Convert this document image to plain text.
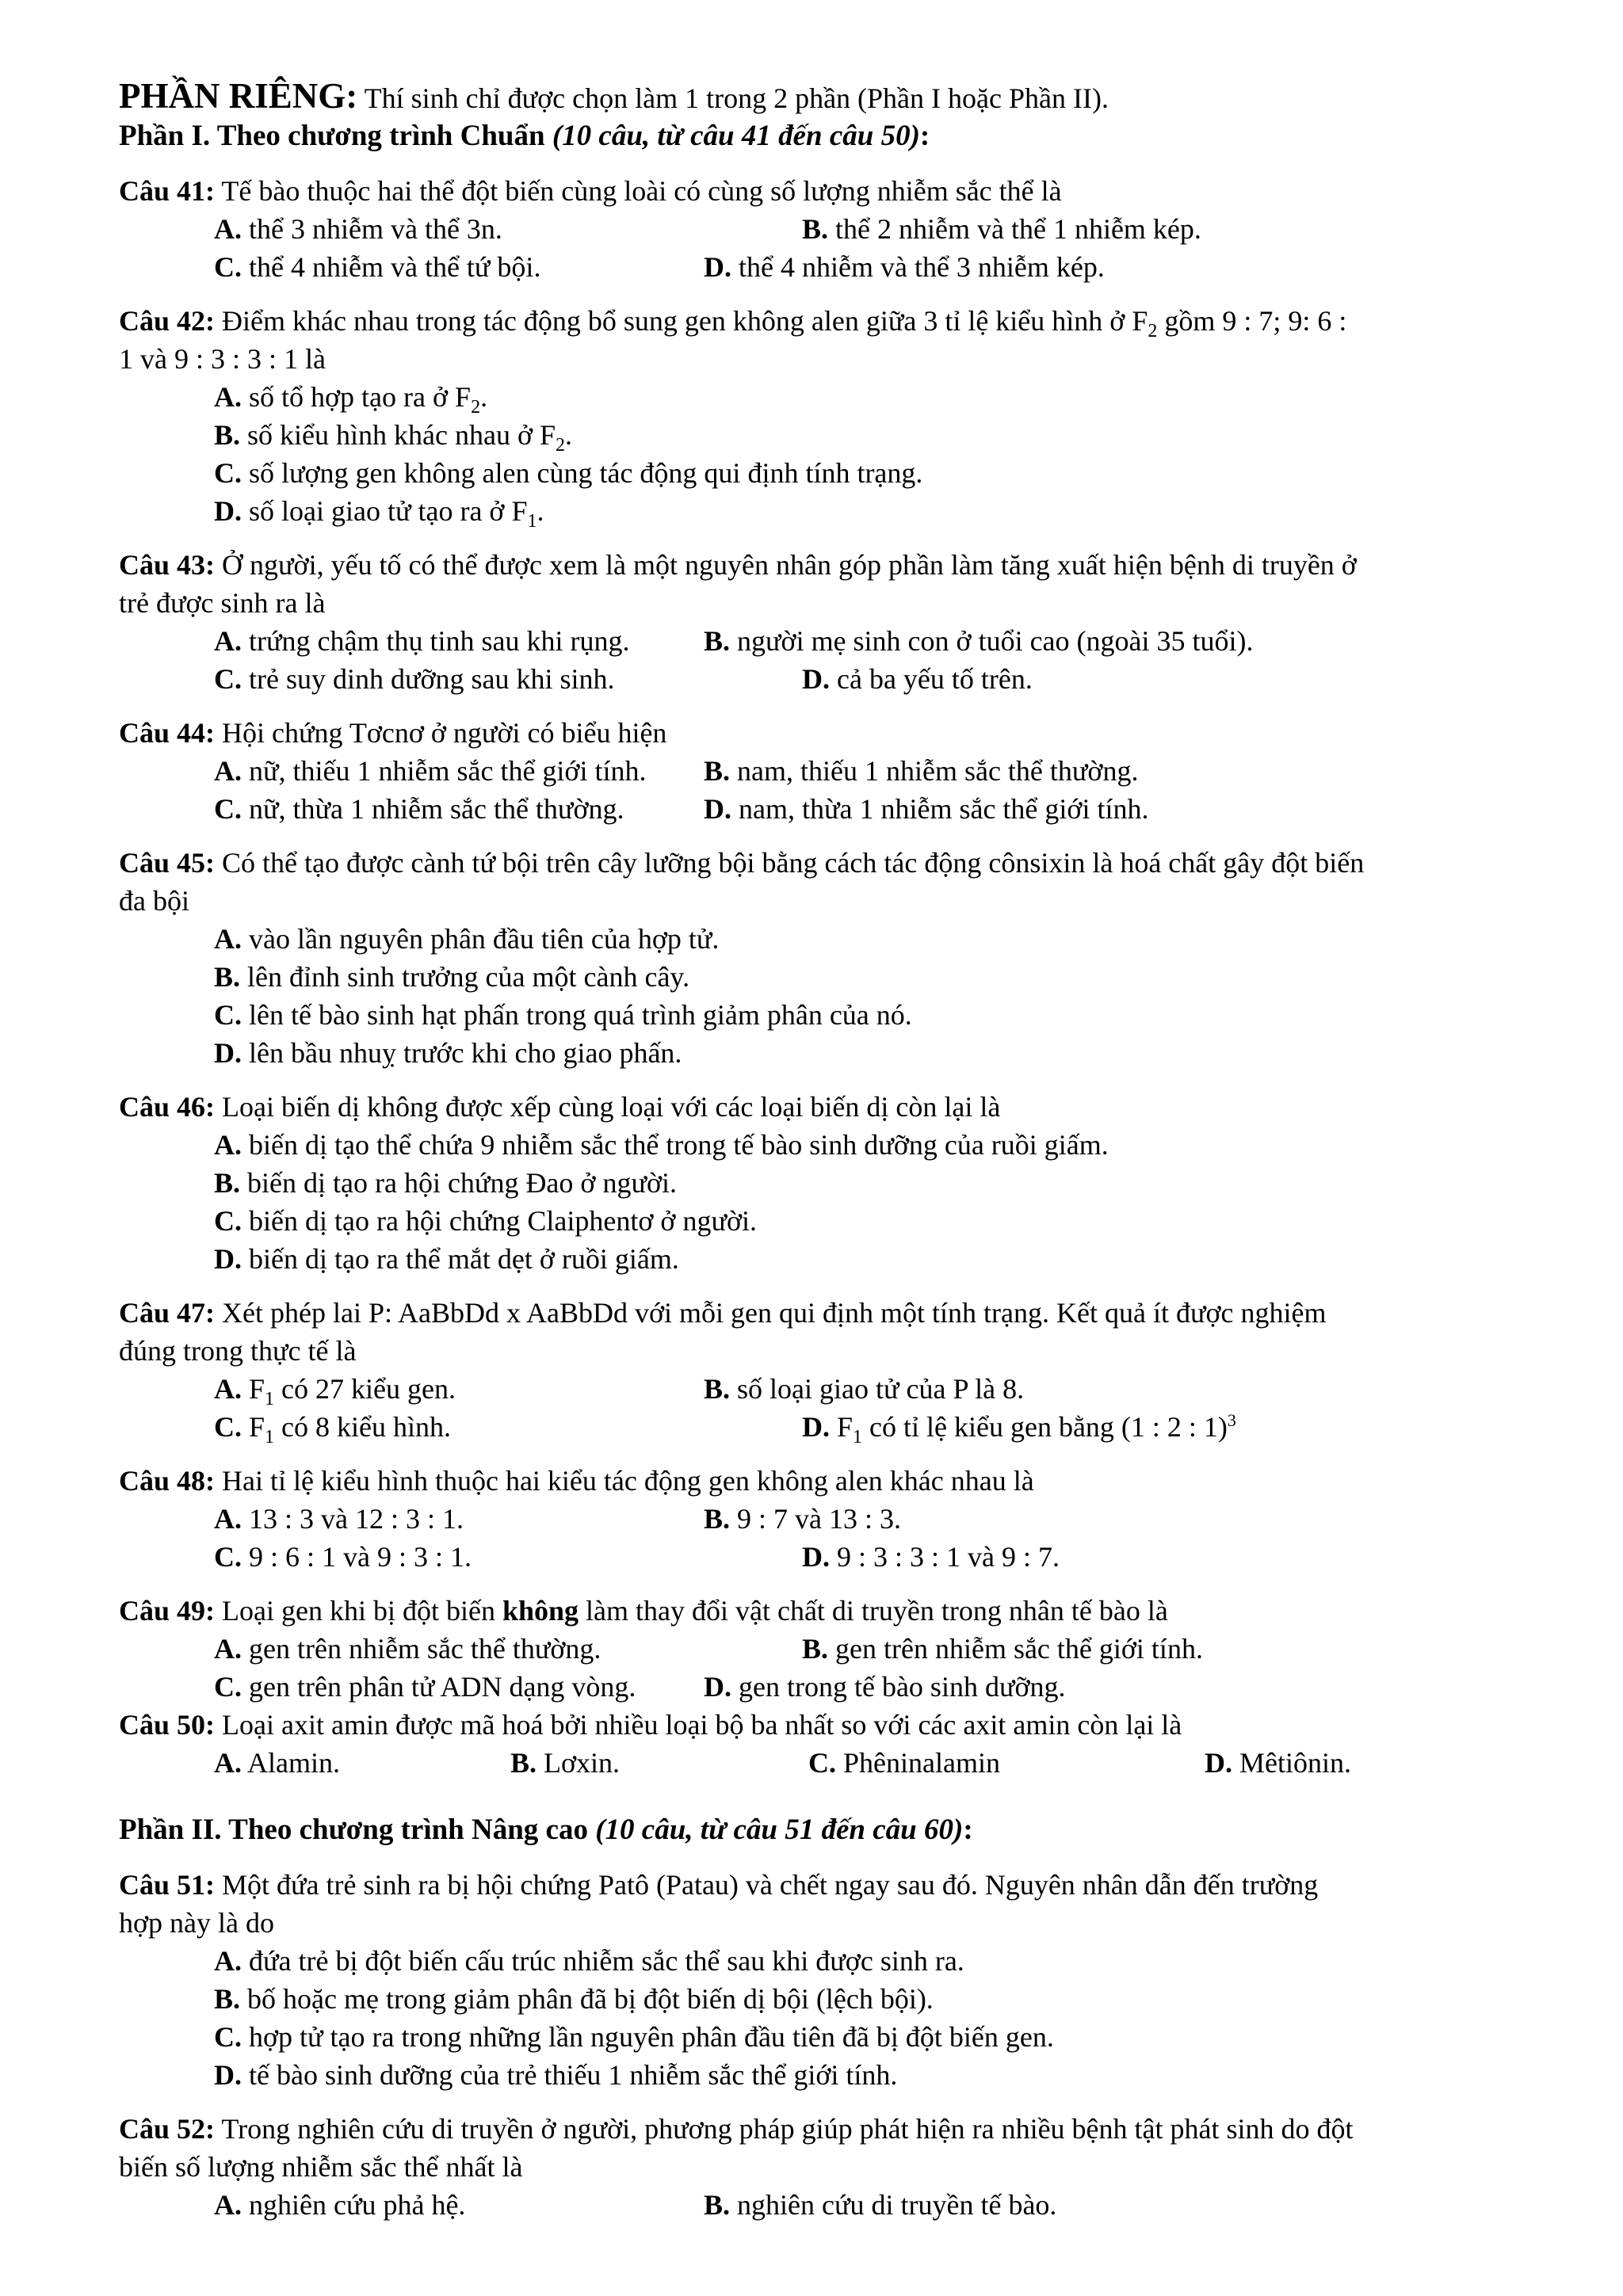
PHẦN RIÊNG: Thí sinh chỉ được chọn làm 1 trong 2 phần (Phần I hoặc Phần II).
Phần I. Theo chương trình Chuẩn (10 câu, từ câu 41 đến câu 50):
Câu 41: Tế bào thuộc hai thể đột biến cùng loài có cùng số lượng nhiễm sắc thể là
A. thể 3 nhiễm và thể 3n.	B. thể 2 nhiễm và thể 1 nhiễm kép.
C. thể 4 nhiễm và thể tứ bội.	D. thể 4 nhiễm và thể 3 nhiễm kép.
Câu 42: Điểm khác nhau trong tác động bổ sung gen không alen giữa 3 tỉ lệ kiểu hình ở $F_2$ gồm 9 : 7; 9: 6 :
1 và 9 : 3 : 3 : 1 là
A. số tổ hợp tạo ra ở $F_2$.
B. số kiểu hình khác nhau ở $F_2$.
C. số lượng gen không alen cùng tác động qui định tính trạng.
D. số loại giao tử tạo ra ở $F_1$.
Câu 43: Ở người, yếu tố có thể được xem là một nguyên nhân góp phần làm tăng xuất hiện bệnh di truyền ở
trẻ được sinh ra là
A. trứng chậm thụ tinh sau khi rụng.	B. người mẹ sinh con ở tuổi cao (ngoài 35 tuổi).
C. trẻ suy dinh dưỡng sau khi sinh.	D. cả ba yếu tố trên.
Câu 44: Hội chứng Tơcnơ ở người có biểu hiện
A. nữ, thiếu 1 nhiễm sắc thể giới tính.	B. nam, thiếu 1 nhiễm sắc thể thường.
C. nữ, thừa 1 nhiễm sắc thể thường.	D. nam, thừa 1 nhiễm sắc thể giới tính.
Câu 45: Có thể tạo được cành tứ bội trên cây lưỡng bội bằng cách tác động cônsixin là hoá chất gây đột biến
đa bội
A. vào lần nguyên phân đầu tiên của hợp tử.
B. lên đỉnh sinh trưởng của một cành cây.
C. lên tế bào sinh hạt phấn trong quá trình giảm phân của nó.
D. lên bầu nhuỵ trước khi cho giao phấn.
Câu 46: Loại biến dị không được xếp cùng loại với các loại biến dị còn lại là
A. biến dị tạo thể chứa 9 nhiễm sắc thể trong tế bào sinh dưỡng của ruồi giấm.
B. biến dị tạo ra hội chứng Đao ở người.
C. biến dị tạo ra hội chứng Claiphentơ ở người.
D. biến dị tạo ra thể mắt dẹt ở ruồi giấm.
Câu 47: Xét phép lai P: AaBbDd x AaBbDd với mỗi gen qui định một tính trạng. Kết quả ít được nghiệm
đúng trong thực tế là
A. $F_1$ có 27 kiểu gen.	B. số loại giao tử của P là 8.
C. $F_1$ có 8 kiểu hình.	D. $F_1$ có tỉ lệ kiểu gen bằng (1 : 2 : 1)$^3$
Câu 48: Hai tỉ lệ kiểu hình thuộc hai kiểu tác động gen không alen khác nhau là
A. 13 : 3 và 12 : 3 : 1.	B. 9 : 7 và 13 : 3.
C. 9 : 6 : 1 và 9 : 3 : 1.	D. 9 : 3 : 3 : 1 và 9 : 7.
Câu 49: Loại gen khi bị đột biến không làm thay đổi vật chất di truyền trong nhân tế bào là
A. gen trên nhiễm sắc thể thường.	B. gen trên nhiễm sắc thể giới tính.
C. gen trên phân tử ADN dạng vòng.	D. gen trong tế bào sinh dưỡng.
Câu 50: Loại axit amin được mã hoá bởi nhiều loại bộ ba nhất so với các axit amin còn lại là
A. Alamin.	B. Lơxin.	C. Phêninalamin	D. Mêtiônin.
Phần II. Theo chương trình Nâng cao (10 câu, từ câu 51 đến câu 60):
Câu 51: Một đứa trẻ sinh ra bị hội chứng Patô (Patau) và chết ngay sau đó. Nguyên nhân dẫn đến trường
hợp này là do
A. đứa trẻ bị đột biến cấu trúc nhiễm sắc thể sau khi được sinh ra.
B. bố hoặc mẹ trong giảm phân đã bị đột biến dị bội (lệch bội).
C. hợp tử tạo ra trong những lần nguyên phân đầu tiên đã bị đột biến gen.
D. tế bào sinh dưỡng của trẻ thiếu 1 nhiễm sắc thể giới tính.
Câu 52: Trong nghiên cứu di truyền ở người, phương pháp giúp phát hiện ra nhiều bệnh tật phát sinh do đột
biến số lượng nhiễm sắc thể nhất là
A. nghiên cứu phả hệ.	B. nghiên cứu di truyền tế bào.
